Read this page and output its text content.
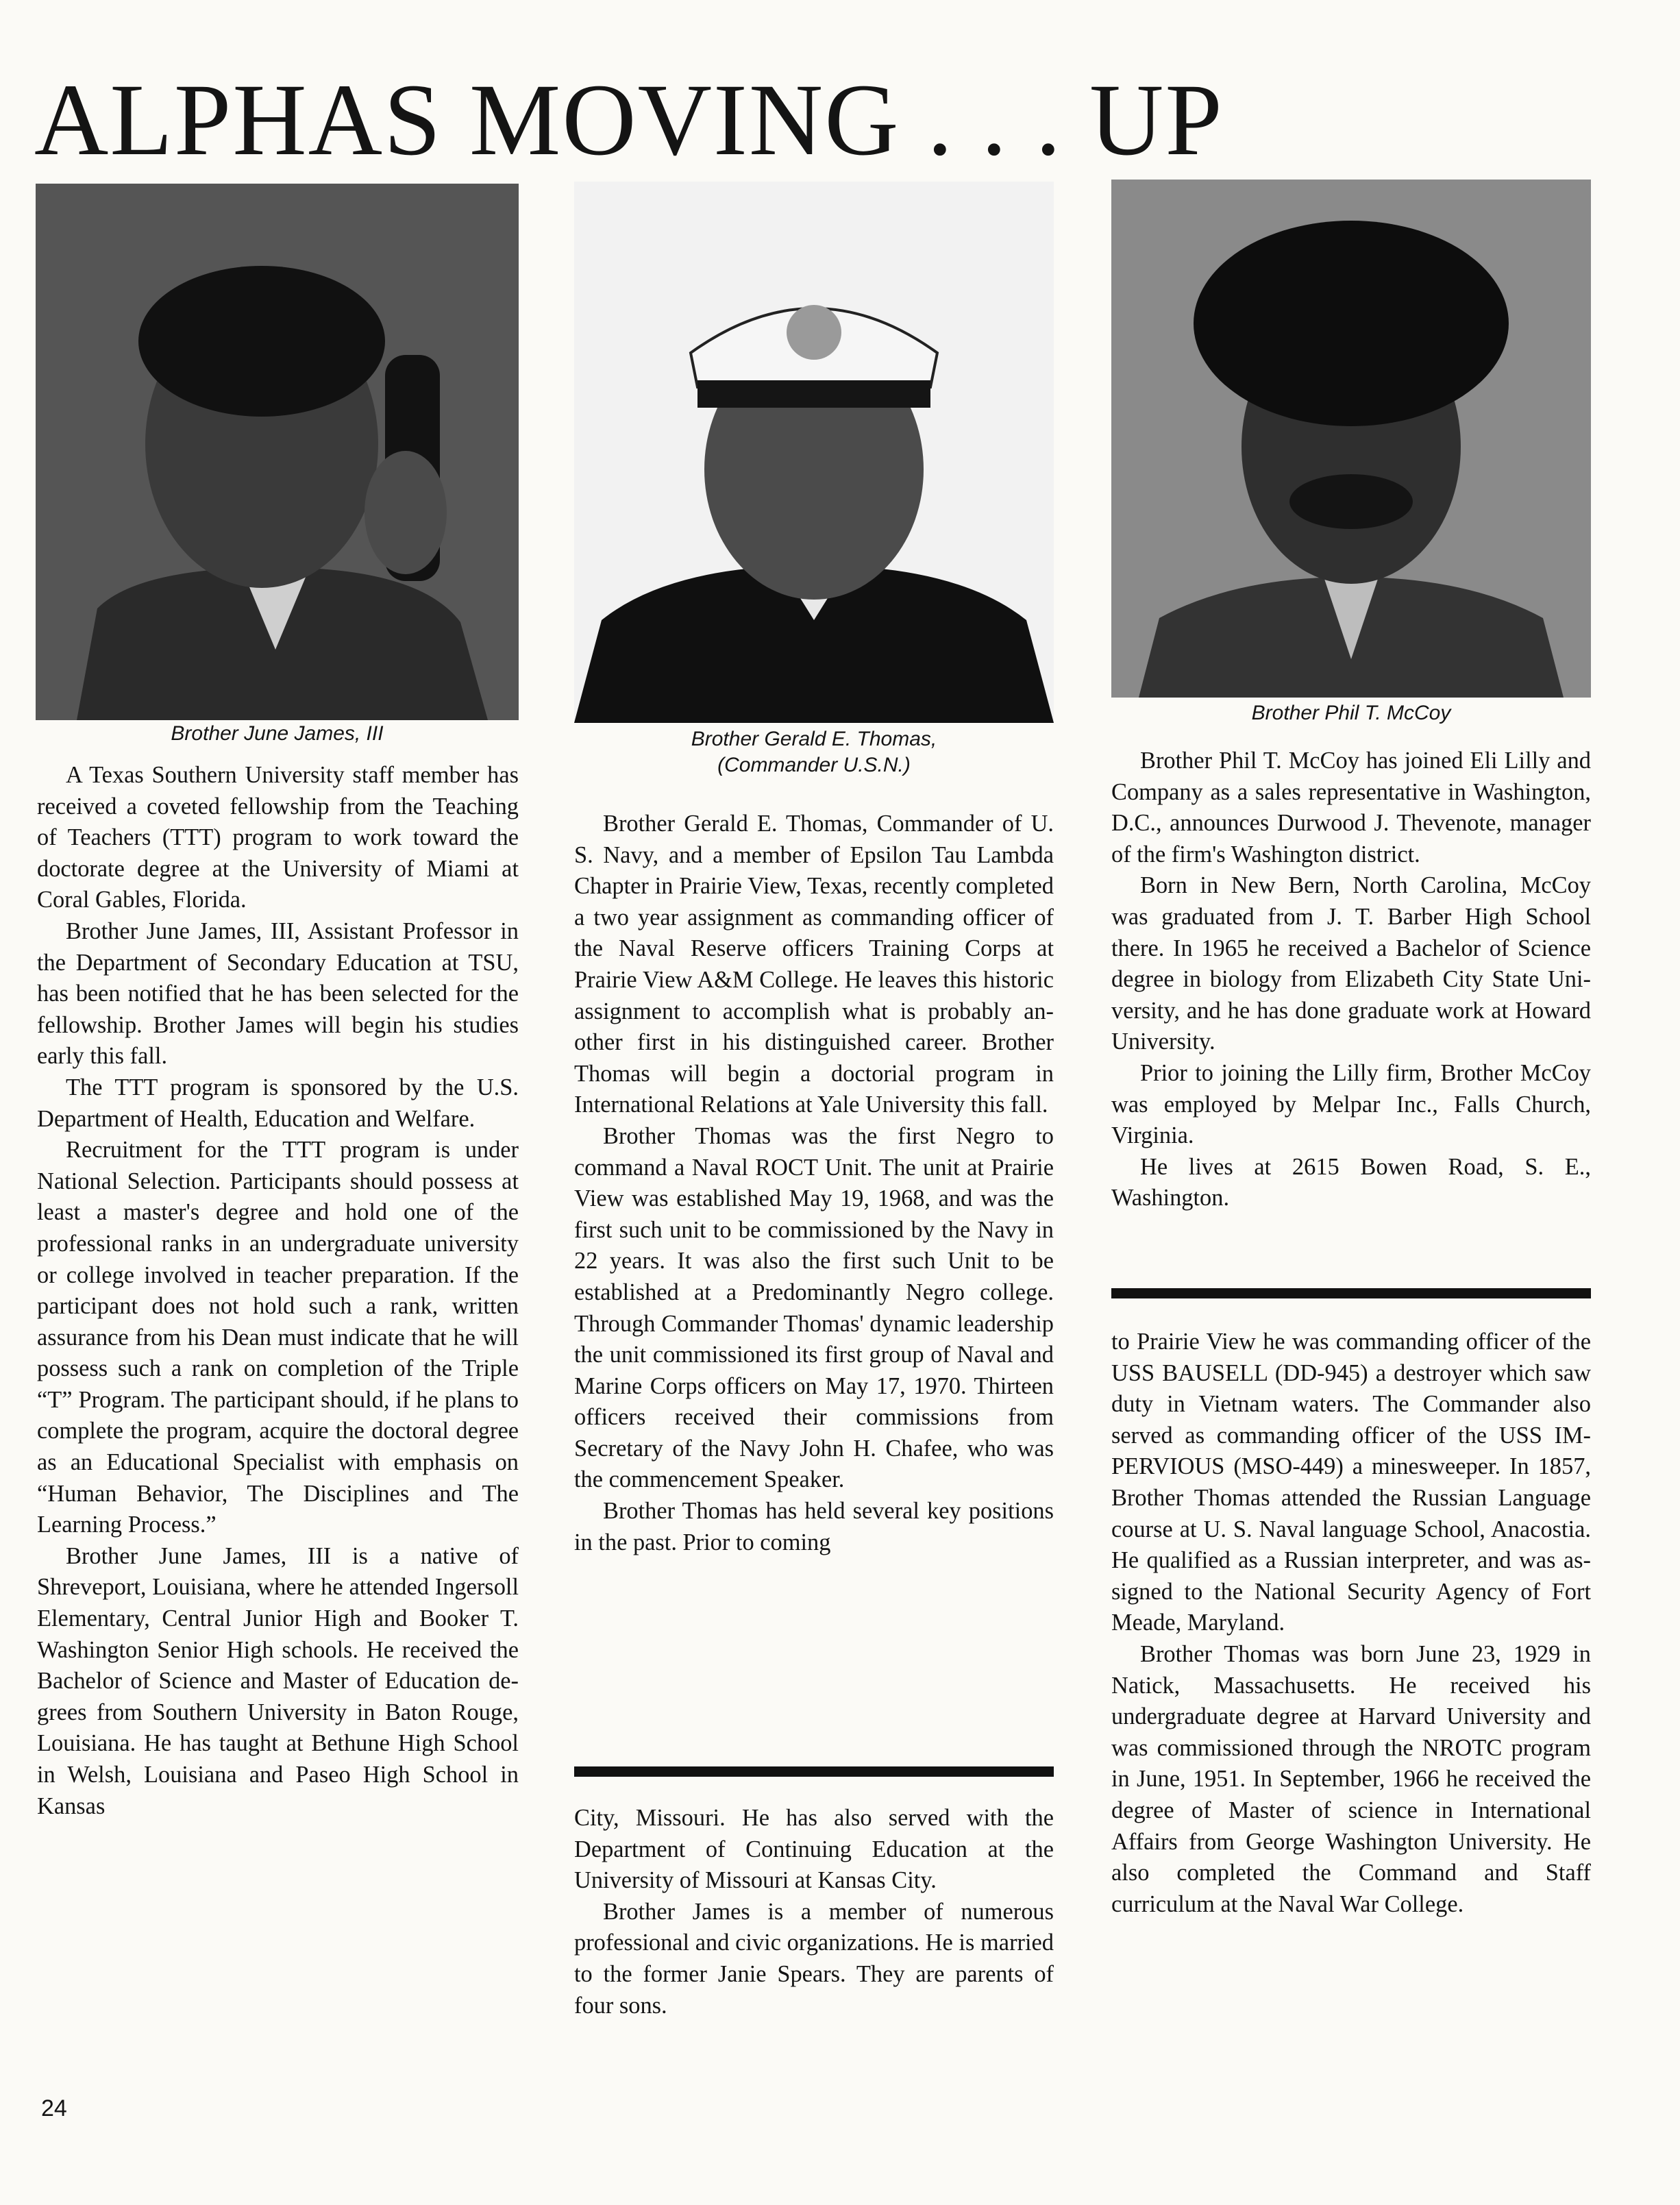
ALPHAS MOVING . . . UP

Brother June James, III	Brother Gerald E. Thomas,
(Commander U.S.N.)

Brother Phil T. McCoy

A Texas Southern University staff member has received a coveted fellowship from the Teaching of Teachers (TTT) program to work toward the doctorate degree at the University of Miami at Coral Gables, Florida.

Brother June James, III, Assistant Professor in the Department of Secondary Education at TSU, has been notified that he has been selected for the fellowship. Brother James will begin his studies early this fall.

The TTT program is sponsored by the U.S. Department of Health, Education and Welfare.

Recruitment for the TTT program is under National Selection. Participants should possess at least a master's degree and hold one of the professional ranks in an undergraduate university or college involved in teacher preparation. If the participant does not hold such a rank, written assurance from his Dean must indicate that he will possess such a rank on completion of the Triple “T” Program. The participant should, if he plans to complete the program, acquire the doctoral degree as an Educational Specialist with emphasis on “Human Behavior, The Disciplines and The Learning Process.”

Brother June James, III is a native of Shreveport, Louisiana, where he attended Ingersoll Elementary, Central Junior High and Booker T. Washington Senior High schools. He received the Bachelor of Science and Master of Education degrees from Southern University in Baton Rouge, Louisiana. He has taught at Bethune High School in Welsh, Louisiana and Paseo High School in Kansas

Brother Gerald E. Thomas, Commander of U. S. Navy, and a member of Epsilon Tau Lambda Chapter in Prairie View, Texas, recently completed a two year assignment as commanding officer of the Naval Reserve officers Training Corps at Prairie View A&M College. He leaves this historic assignment to accomplish what is probably another first in his distinguished career. Brother Thomas will begin a doctorial program in International Relations at Yale University this fall.

Brother Thomas was the first Negro to command a Naval ROCT Unit. The unit at Prairie View was established May 19, 1968, and was the first such unit to be commissioned by the Navy in 22 years. It was also the first such Unit to be established at a Predominantly Negro college. Through Commander Thomas' dynamic leadership the unit commissioned its first group of Naval and Marine Corps officers on May 17, 1970. Thirteen officers received their commissions from Secretary of the Navy John H. Chafee, who was the commencement Speaker.

Brother Thomas has held several key positions in the past. Prior to coming

City, Missouri. He has also served with the Department of Continuing Education at the University of Missouri at Kansas City.

Brother James is a member of numerous professional and civic organizations. He is married to the former Janie Spears. They are parents of four sons.

Brother Phil T. McCoy has joined Eli Lilly and Company as a sales representative in Washington, D.C., announces Durwood J. Thevenote, manager of the firm's Washington district.

Born in New Bern, North Carolina, McCoy was graduated from J. T. Barber High School there. In 1965 he received a Bachelor of Science degree in biology from Elizabeth City State University, and he has done graduate work at Howard University.

Prior to joining the Lilly firm, Brother McCoy was employed by Melpar Inc., Falls Church, Virginia.

He lives at 2615 Bowen Road, S. E., Washington.

to Prairie View he was commanding officer of the USS BAUSELL (DD-945) a destroyer which saw duty in Vietnam waters. The Commander also served as commanding officer of the USS IMPERVIOUS (MSO-449) a minesweeper. In 1857, Brother Thomas attended the Russian Language course at U. S. Naval language School, Anacostia. He qualified as a Russian interpreter, and was assigned to the National Security Agency of Fort Meade, Maryland.

Brother Thomas was born June 23, 1929 in Natick, Massachusetts. He received his undergraduate degree at Harvard University and was commissioned through the NROTC program in June, 1951. In September, 1966 he received the degree of Master of science in International Affairs from George Washington University. He also completed the Command and Staff curriculum at the Naval War College.

24
